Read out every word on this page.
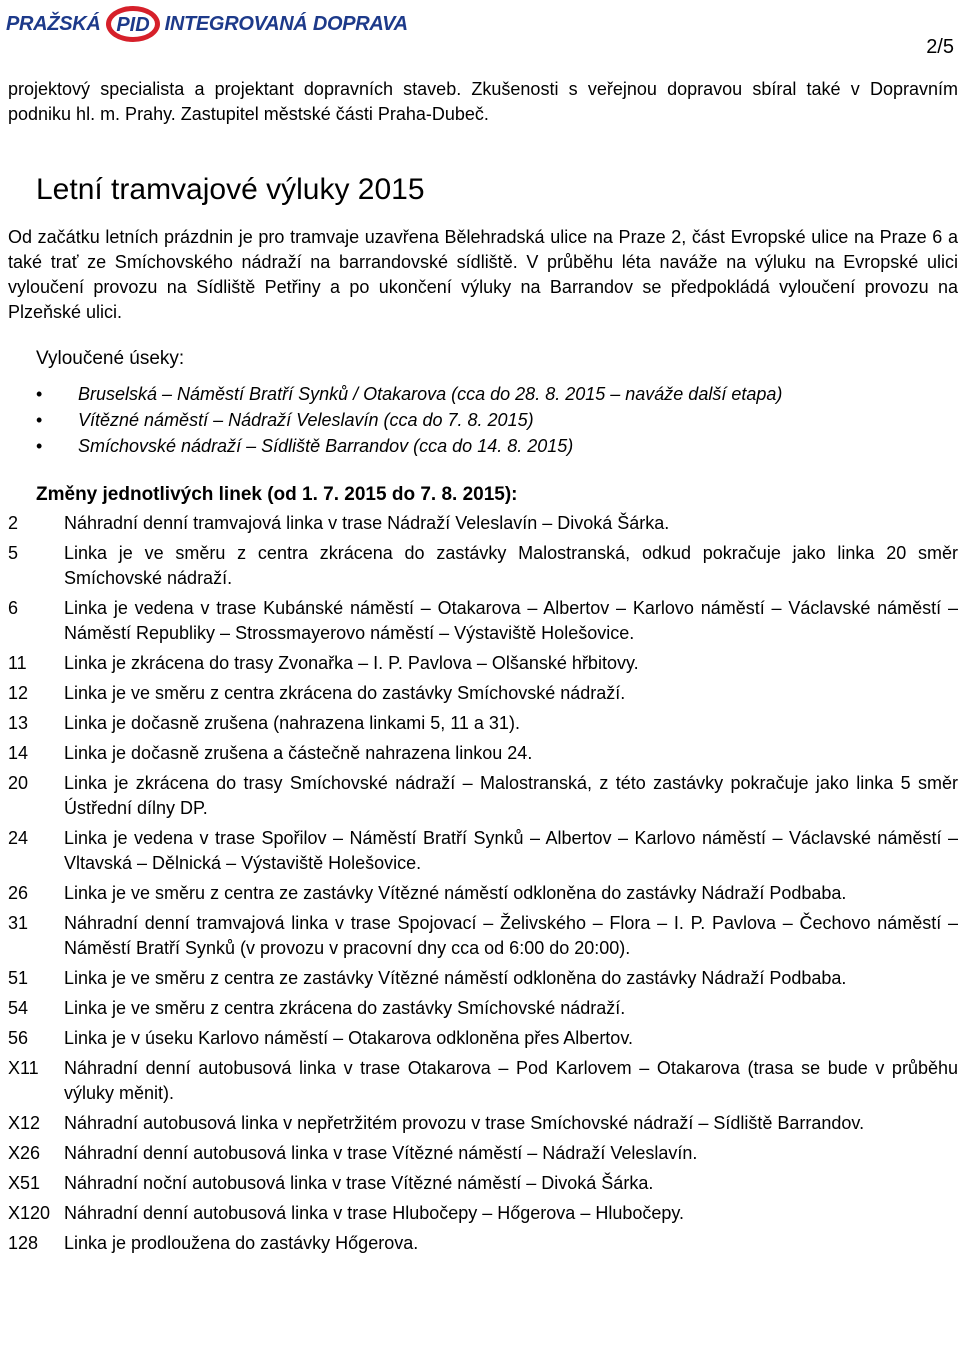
PRAŽSKÁ PID INTEGROVANÁ DOPRAVA
2/5

projektový specialista a projektant dopravních staveb. Zkušenosti s veřejnou dopravou sbíral také v Dopravním podniku hl. m. Prahy. Zastupitel městské části Praha-Dubeč.

Letní tramvajové výluky 2015

Od začátku letních prázdnin je pro tramvaje uzavřena Bělehradská ulice na Praze 2, část Evropské ulice na Praze 6 a také trať ze Smíchovského nádraží na barrandovské sídliště. V průběhu léta naváže na výluku na Evropské ulici vyloučení provozu na Sídliště Petřiny a po ukončení výluky na Barrandov se předpokládá vyloučení provozu na Plzeňské ulici.

Vyloučené úseky:
• Bruselská – Náměstí Bratří Synků / Otakarova (cca do 28. 8. 2015 – naváže další etapa)
• Vítězné náměstí – Nádraží Veleslavín (cca do 7. 8. 2015)
• Smíchovské nádraží – Sídliště Barrandov (cca do 14. 8. 2015)
Změny jednotlivých linek (od 1. 7. 2015 do 7. 8. 2015):
2	Náhradní denní tramvajová linka v trase Nádraží Veleslavín – Divoká Šárka.
5	Linka je ve směru z centra zkrácena do zastávky Malostranská, odkud pokračuje jako linka 20 směr Smíchovské nádraží.
6	Linka je vedena v trase Kubánské náměstí – Otakarova – Albertov – Karlovo náměstí – Václavské náměstí – Náměstí Republiky – Strossmayerovo náměstí – Výstaviště Holešovice.
11	Linka je zkrácena do trasy Zvonařka – I. P. Pavlova – Olšanské hřbitovy.
12	Linka je ve směru z centra zkrácena do zastávky Smíchovské nádraží.
13	Linka je dočasně zrušena (nahrazena linkami 5, 11 a 31).
14	Linka je dočasně zrušena a částečně nahrazena linkou 24.
20	Linka je zkrácena do trasy Smíchovské nádraží – Malostranská, z této zastávky pokračuje jako linka 5 směr Ústřední dílny DP.
24	Linka je vedena v trase Spořilov – Náměstí Bratří Synků – Albertov – Karlovo náměstí – Václavské náměstí – Vltavská – Dělnická – Výstaviště Holešovice.
26	Linka je ve směru z centra ze zastávky Vítězné náměstí odkloněna do zastávky Nádraží Podbaba.
31	Náhradní denní tramvajová linka v trase Spojovací – Želivského – Flora – I. P. Pavlova – Čechovo náměstí – Náměstí Bratří Synků (v provozu v pracovní dny cca od 6:00 do 20:00).
51	Linka je ve směru z centra ze zastávky Vítězné náměstí odkloněna do zastávky Nádraží Podbaba.
54	Linka je ve směru z centra zkrácena do zastávky Smíchovské nádraží.
56	Linka je v úseku Karlovo náměstí – Otakarova odkloněna přes Albertov.
X11	Náhradní denní autobusová linka v trase Otakarova – Pod Karlovem – Otakarova (trasa se bude v průběhu výluky měnit).
X12	Náhradní autobusová linka v nepřetržitém provozu v trase Smíchovské nádraží – Sídliště Barrandov.
X26	Náhradní denní autobusová linka v trase Vítězné náměstí – Nádraží Veleslavín.
X51	Náhradní noční autobusová linka v trase Vítězné náměstí – Divoká Šárka.
X120 Náhradní denní autobusová linka v trase Hlubočepy – Hőgerova – Hlubočepy.
128	Linka je prodloužena do zastávky Hőgerova.
